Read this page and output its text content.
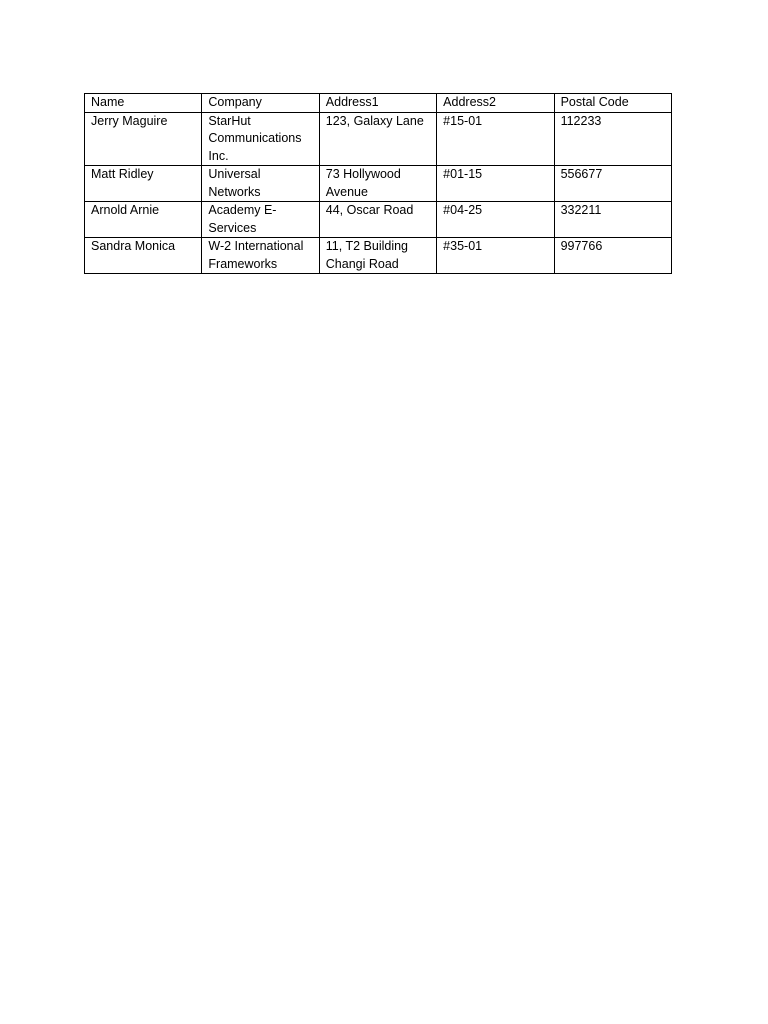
Name	Company	Address1	Address2	Postal Code
Jerry Maguire	StarHut Communications Inc.	123, Galaxy Lane	#15-01	112233
Matt Ridley	Universal Networks	73 Hollywood Avenue	#01-15	556677
Arnold Arnie	Academy E-Services	44, Oscar Road	#04-25	332211
Sandra Monica	W-2 International Frameworks	11, T2 Building Changi Road	#35-01	997766
